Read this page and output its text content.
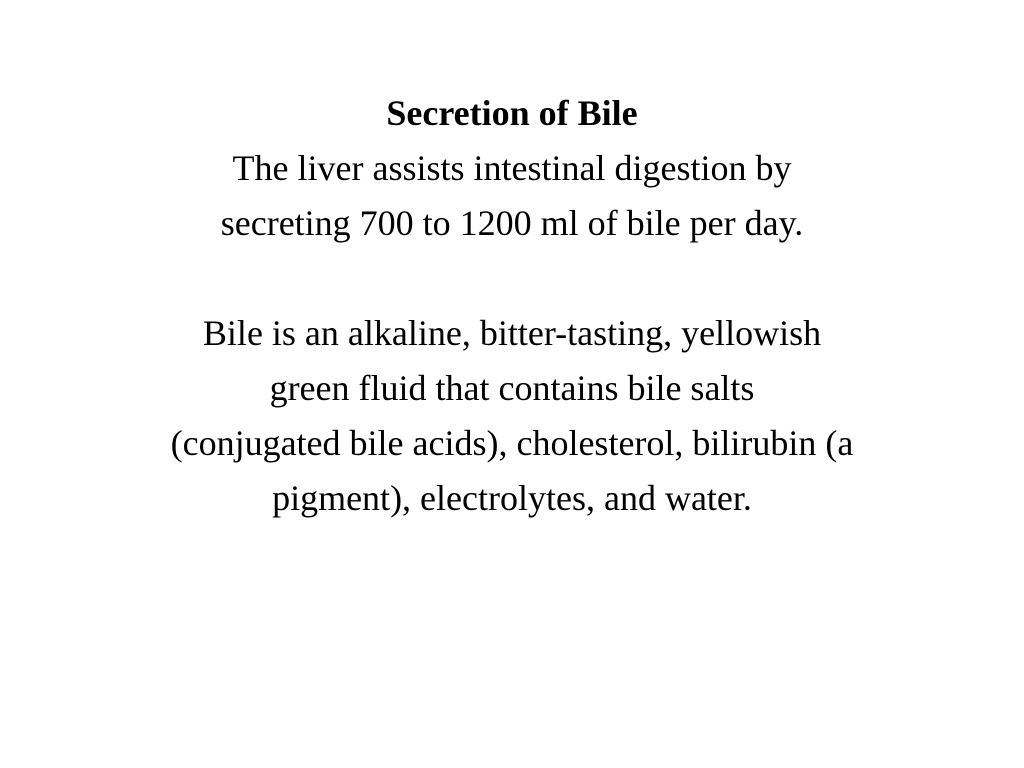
Secretion of Bile
The liver assists intestinal digestion by
secreting 700 to 1200 ml of bile per day.
Bile is an alkaline, bitter-tasting, yellowish
green fluid that contains bile salts
(conjugated bile acids), cholesterol, bilirubin (a
pigment), electrolytes, and water.
